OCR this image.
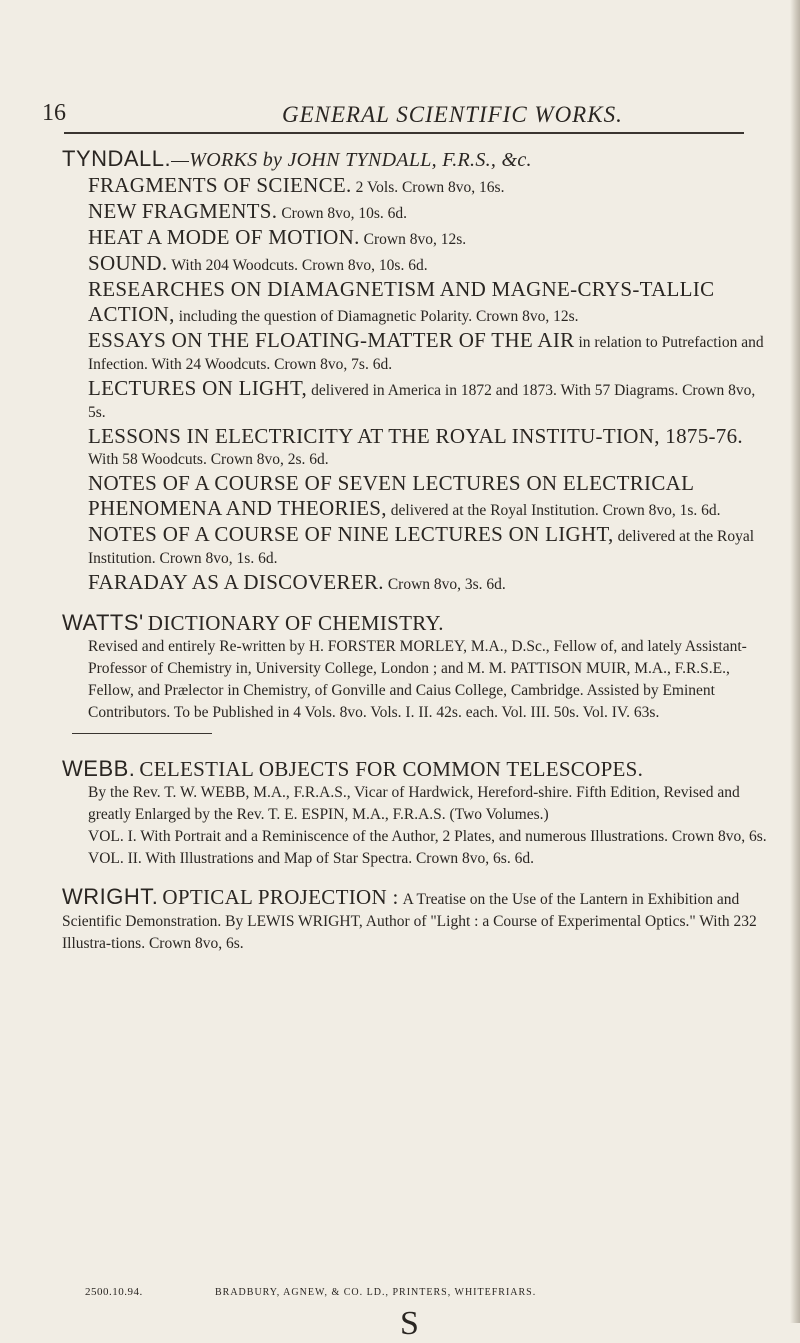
16	GENERAL SCIENTIFIC WORKS.
TYNDALL.—WORKS by JOHN TYNDALL, F.R.S., &c.
FRAGMENTS OF SCIENCE. 2 Vols. Crown 8vo, 16s.
NEW FRAGMENTS. Crown 8vo, 10s. 6d.
HEAT A MODE OF MOTION. Crown 8vo, 12s.
SOUND. With 204 Woodcuts. Crown 8vo, 10s. 6d.
RESEARCHES ON DIAMAGNETISM AND MAGNE-CRYS-TALLIC ACTION, including the question of Diamagnetic Polarity. Crown 8vo, 12s.
ESSAYS ON THE FLOATING-MATTER OF THE AIR in relation to Putrefaction and Infection. With 24 Woodcuts. Crown 8vo, 7s. 6d.
LECTURES ON LIGHT, delivered in America in 1872 and 1873. With 57 Diagrams. Crown 8vo, 5s.
LESSONS IN ELECTRICITY AT THE ROYAL INSTITU-TION, 1875-76. With 58 Woodcuts. Crown 8vo, 2s. 6d.
NOTES OF A COURSE OF SEVEN LECTURES ON ELECTRICAL PHENOMENA AND THEORIES, delivered at the Royal Institution. Crown 8vo, 1s. 6d.
NOTES OF A COURSE OF NINE LECTURES ON LIGHT, delivered at the Royal Institution. Crown 8vo, 1s. 6d.
FARADAY AS A DISCOVERER. Crown 8vo, 3s. 6d.
WATTS' DICTIONARY OF CHEMISTRY.
Revised and entirely Re-written by H. FORSTER MORLEY, M.A., D.Sc., Fellow of, and lately Assistant-Professor of Chemistry in, University College, London ; and M. M. PATTISON MUIR, M.A., F.R.S.E., Fellow, and Prælector in Chemistry, of Gonville and Caius College, Cambridge. Assisted by Eminent Contributors. To be Published in 4 Vols. 8vo. Vols. I. II. 42s. each. Vol. III. 50s. Vol. IV. 63s.
WEBB. CELESTIAL OBJECTS FOR COMMON TELESCOPES.
By the Rev. T. W. WEBB, M.A., F.R.A.S., Vicar of Hardwick, Hereford-shire. Fifth Edition, Revised and greatly Enlarged by the Rev. T. E. ESPIN, M.A., F.R.A.S. (Two Volumes.)
VOL. I. With Portrait and a Reminiscence of the Author, 2 Plates, and numerous Illustrations. Crown 8vo, 6s.
VOL. II. With Illustrations and Map of Star Spectra. Crown 8vo, 6s. 6d.
WRIGHT. OPTICAL PROJECTION : A Treatise on the Use of the Lantern in Exhibition and Scientific Demonstration. By LEWIS WRIGHT, Author of "Light : a Course of Experimental Optics." With 232 Illustra-tions. Crown 8vo, 6s.
2500.10.94.	BRADBURY, AGNEW, & CO. LD., PRINTERS, WHITEFRIARS.
S
